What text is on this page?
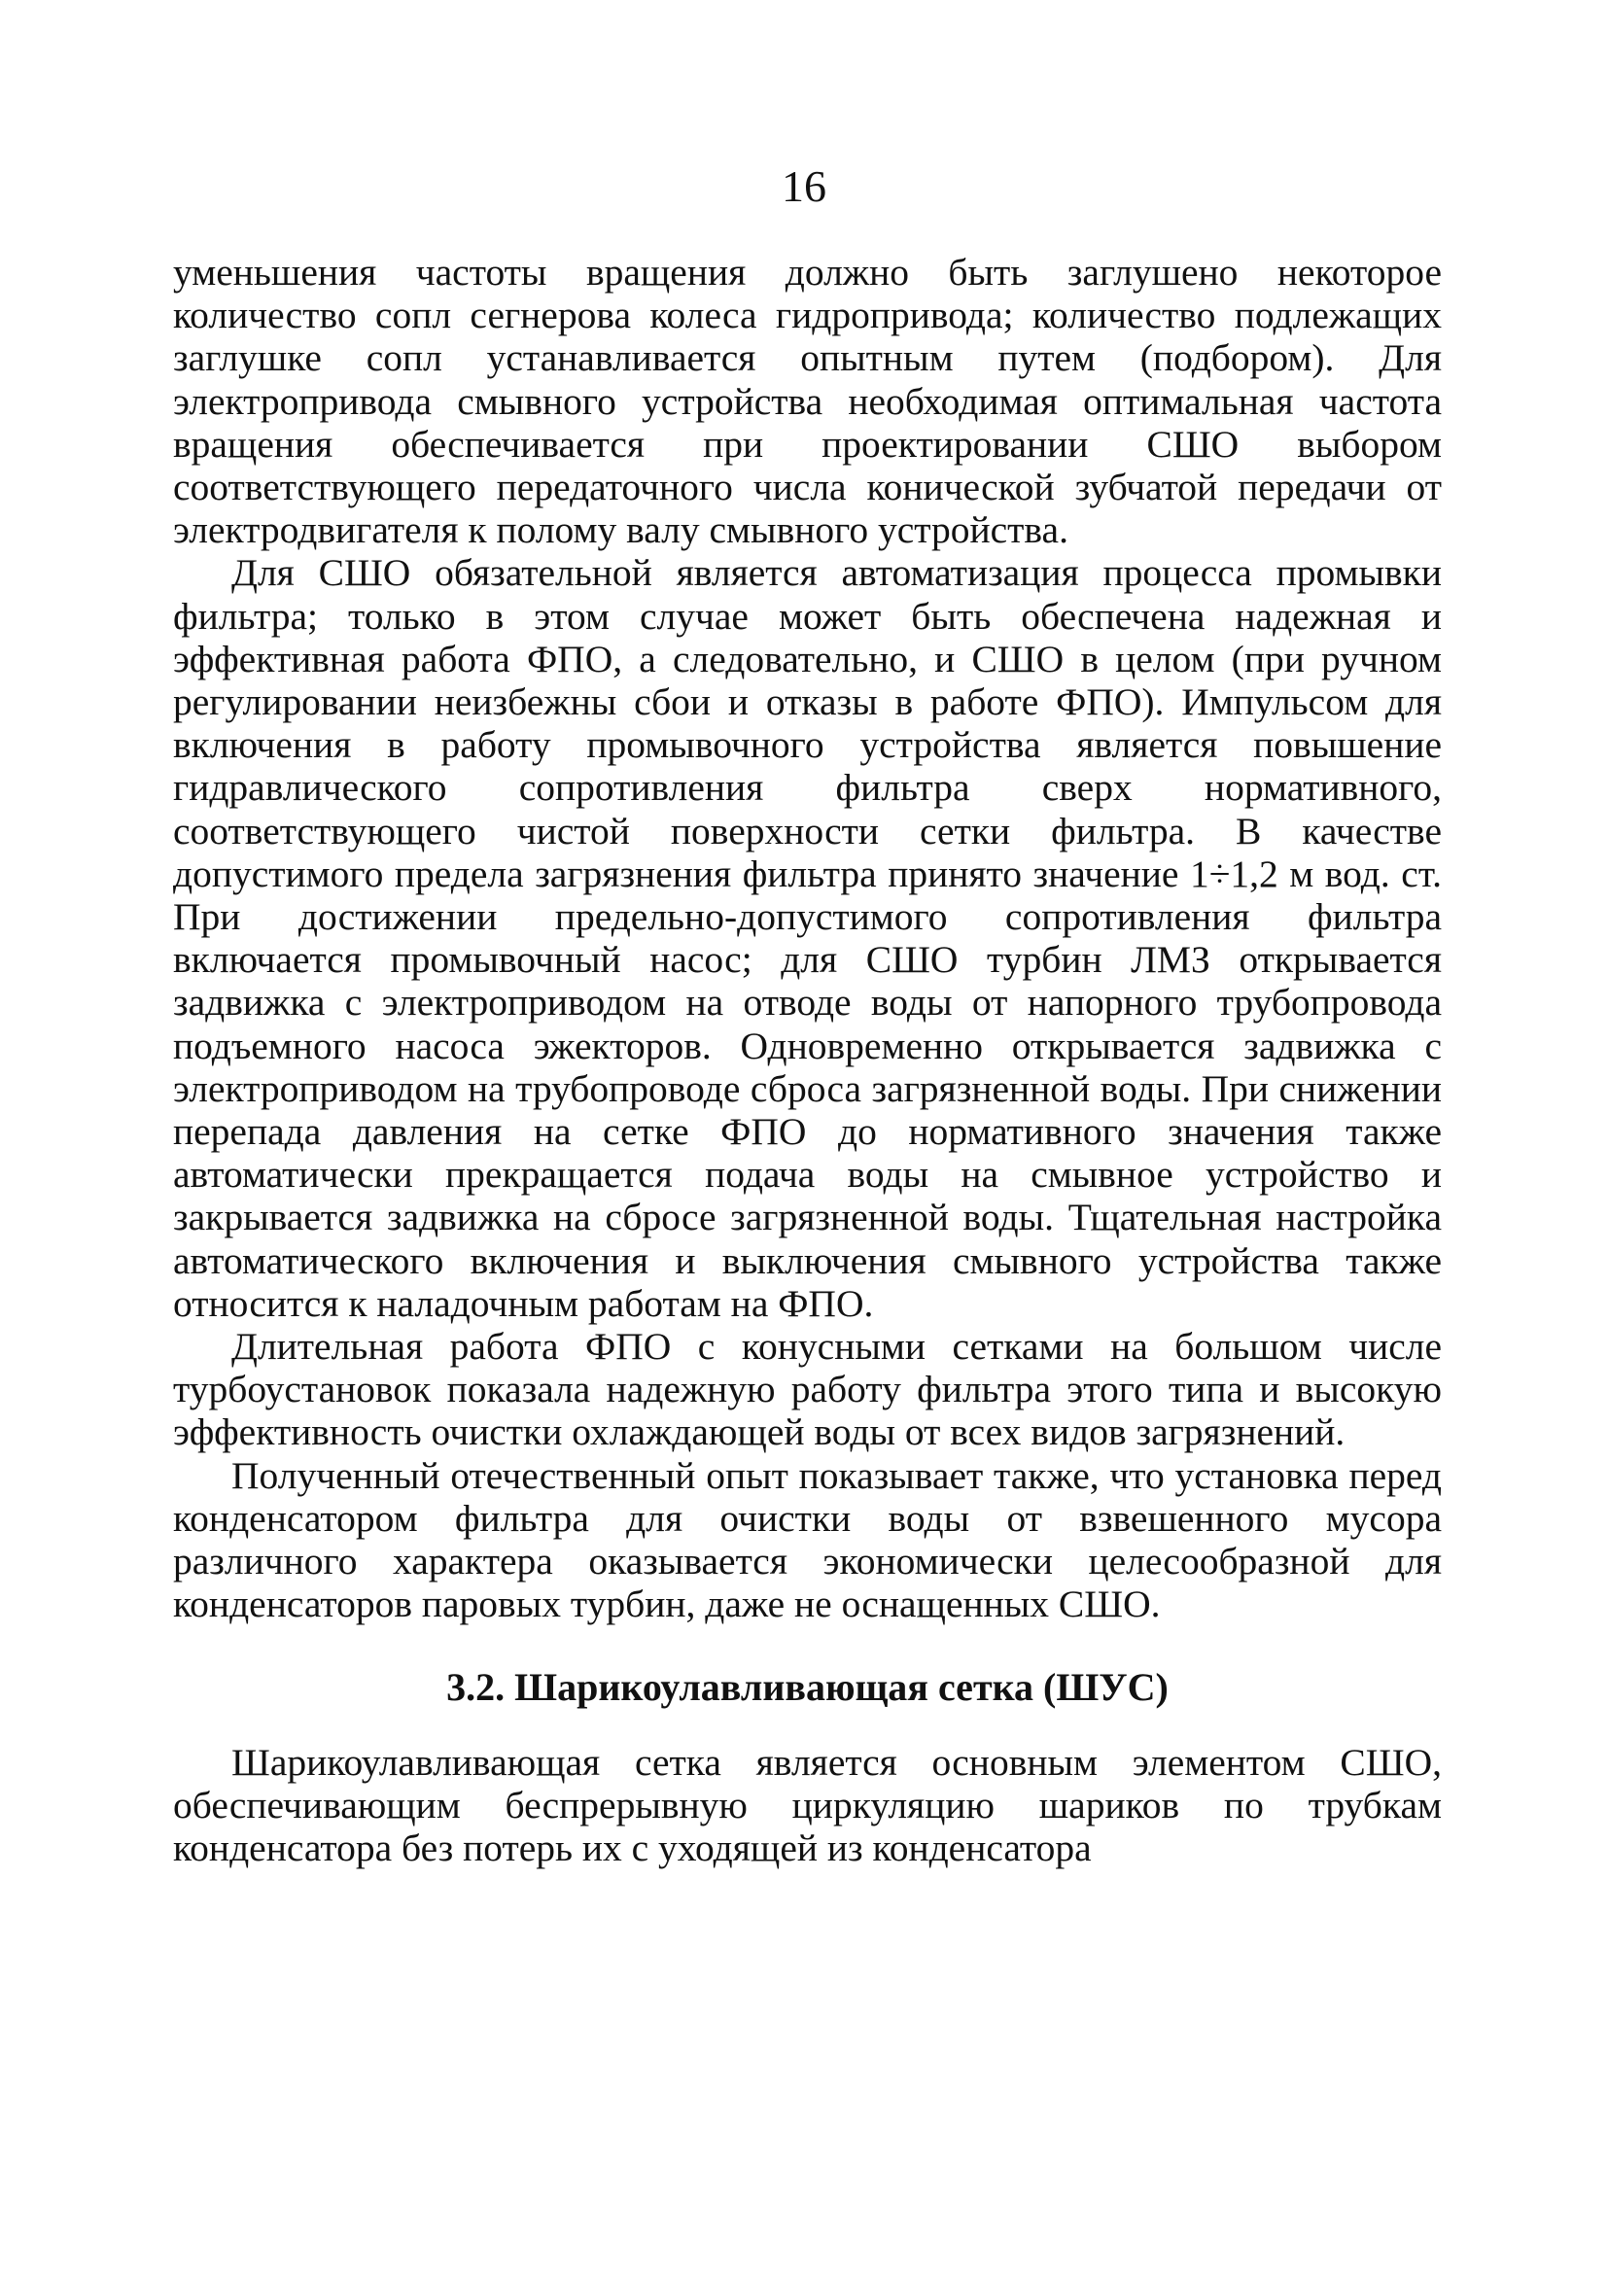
16

уменьшения частоты вращения должно быть заглушено некоторое количество сопл сегнерова колеса гидропривода; количество подлежащих заглушке сопл устанавливается опытным путем (подбором). Для электропривода смывного устройства необходимая оптимальная частота вращения обеспечивается при проектировании СШО выбором соответствующего передаточного числа конической зубчатой передачи от электродвигателя к полому валу смывного устройства.

Для СШО обязательной является автоматизация процесса промывки фильтра; только в этом случае может быть обеспечена надежная и эффективная работа ФПО, а следовательно, и СШО в целом (при ручном регулировании неизбежны сбои и отказы в работе ФПО). Импульсом для включения в работу промывочного устройства является повышение гидравлического сопротивления фильтра сверх нормативного, соответствующего чистой поверхности сетки фильтра. В качестве допустимого предела загрязнения фильтра принято значение 1÷1,2 м вод. ст. При достижении предельно-допустимого сопротивления фильтра включается промывочный насос; для СШО турбин ЛМЗ открывается задвижка с электроприводом на отводе воды от напорного трубопровода подъемного насоса эжекторов. Одновременно открывается задвижка с электроприводом на трубопроводе сброса загрязненной воды. При снижении перепада давления на сетке ФПО до нормативного значения также автоматически прекращается подача воды на смывное устройство и закрывается задвижка на сбросе загрязненной воды. Тщательная настройка автоматического включения и выключения смывного устройства также относится к наладочным работам на ФПО.

Длительная работа ФПО с конусными сетками на большом числе турбоустановок показала надежную работу фильтра этого типа и высокую эффективность очистки охлаждающей воды от всех видов загрязнений.

Полученный отечественный опыт показывает также, что установка перед конденсатором фильтра для очистки воды от взвешенного мусора различного характера оказывается экономически целесообразной для конденсаторов паровых турбин, даже не оснащенных СШО.

3.2. Шарикоулавливающая сетка (ШУС)

Шарикоулавливающая сетка является основным элементом СШО, обеспечивающим беспрерывную циркуляцию шариков по трубкам конденсатора без потерь их с уходящей из конденсатора
